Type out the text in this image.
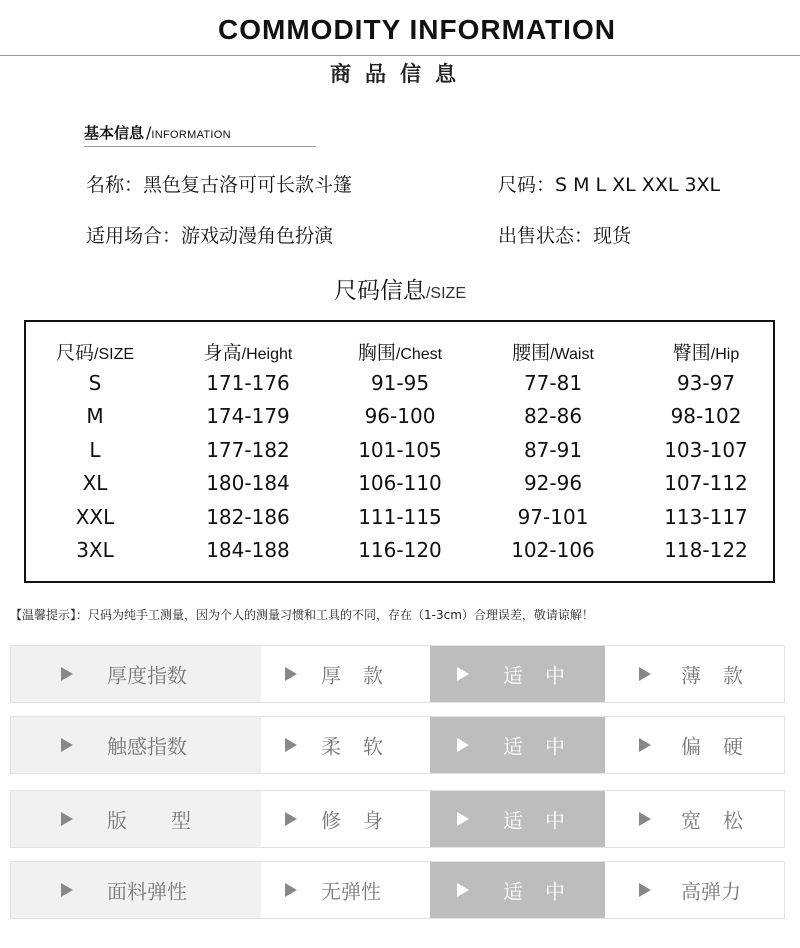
COMMODITY INFORMATION
商品信息
基本信息 /INFORMATION
名称：黑色复古洛可可长款斗篷	尺码：S M L XL XXL 3XL
适用场合：游戏动漫角色扮演	出售状态：现货
尺码信息/SIZE
尺码/SIZE	身高/Height	胸围/Chest	腰围/Waist	臀围/Hip
S	171-176	91-95	77-81	93-97
M	174-179	96-100	82-86	98-102
L	177-182	101-105	87-91	103-107
XL	180-184	106-110	92-96	107-112
XXL	182-186	111-115	97-101	113-117
3XL	184-188	116-120	102-106	118-122
【温馨提示】：尺码为纯手工测量，因为个人的测量习惯和工具的不同，存在（1-3cm）合理误差，敬请谅解！
厚度指数	厚款	适中	薄款
触感指数	柔软	适中	偏硬
版型	修身	适中	宽松
面料弹性	无弹性	适中	高弹力
